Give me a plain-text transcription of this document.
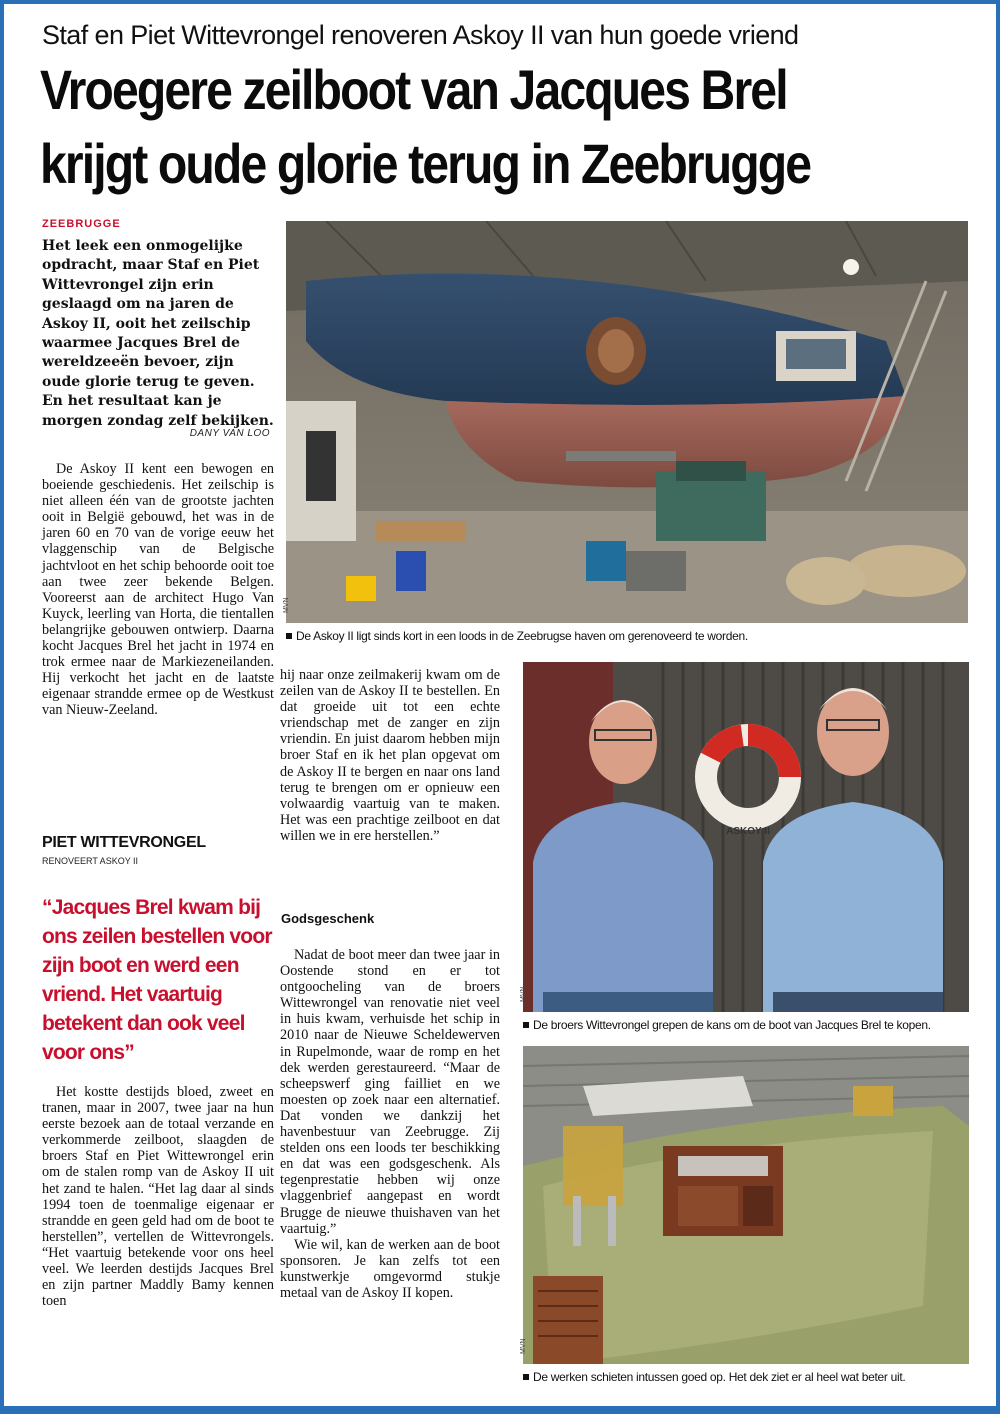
Staf en Piet Wittevrongel renoveren Askoy II van hun goede vriend
Vroegere zeilboot van Jacques Brel
krijgt oude glorie terug in Zeebrugge
ZEEBRUGGE

Het leek een onmogelijke opdracht, maar Staf en Piet Wittevrongel zijn erin geslaagd om na jaren de Askoy II, ooit het zeilschip waarmee Jacques Brel de wereldzeeën bevoer, zijn oude glorie terug te geven. En het resultaat kan je morgen zondag zelf bekijken.

DANY VAN LOO

De Askoy II kent een bewogen en boeiende geschiedenis. Het zeilschip is niet alleen één van de grootste jachten ooit in België gebouwd, het was in de jaren 60 en 70 van de vorige eeuw het vlaggenschip van de Belgische jachtvloot en het schip behoorde ooit toe aan twee zeer bekende Belgen. Vooreerst aan de architect Hugo Van Kuyck, leerling van Horta, die tientallen belangrijke gebouwen ontwierp. Daarna kocht Jacques Brel het jacht in 1974 en trok ermee naar de Markiezeneilanden. Hij verkocht het jacht en de laatste eigenaar strandde ermee op de Westkust van Nieuw-Zeeland.

PIET WITTEVRONGEL
RENOVEERT ASKOY II

“Jacques Brel kwam bij ons zeilen bestellen voor zijn boot en werd een vriend. Het vaartuig betekent dan ook veel voor ons”

Het kostte destijds bloed, zweet en tranen, maar in 2007, twee jaar na hun eerste bezoek aan de totaal verzande en verkommerde zeilboot, slaagden de broers Staf en Piet Wittewrongel erin om de stalen romp van de Askoy II uit het zand te halen. “Het lag daar al sinds 1994 toen de toenmalige eigenaar er strandde en geen geld had om de boot te herstellen”, vertellen de Wittevrongels. “Het vaartuig betekende voor ons heel veel. We leerden destijds Jacques Brel en zijn partner Maddly Bamy kennen toen

hij naar onze zeilmakerij kwam om de zeilen van de Askoy II te bestellen. En dat groeide uit tot een echte vriendschap met de zanger en zijn vriendin. En juist daarom hebben mijn broer Staf en ik het plan opgevat om de Askoy II te bergen en naar ons land terug te brengen om er opnieuw een volwaardig vaartuig van te maken. Het was een prachtige zeilboot en dat willen we in ere herstellen.”

Godsgeschenk

Nadat de boot meer dan twee jaar in Oostende stond en er tot ontgoocheling van de broers Wittewrongel van renovatie niet veel in huis kwam, verhuisde het schip in 2010 naar de Nieuwe Scheldewerven in Rupelmonde, waar de romp en het dek werden gerestaureerd. “Maar de scheepswerf ging failliet en we moesten op zoek naar een alternatief. Dat vonden we dankzij het havenbestuur van Zeebrugge. Zij stelden ons een loods ter beschikking en dat was een godsgeschenk. Als tegenprestatie hebben wij onze vlaggenbrief aangepast en wordt Brugge de nieuwe thuishaven van het vaartuig.”

Wie wil, kan de werken aan de boot sponsoren. Je kan zelfs tot een kunstwerkje omgevormd stukje metaal van de Askoy II kopen.

MVN
De Askoy II ligt sinds kort in een loods in de Zeebrugse haven om gerenoveerd te worden.
ASKOY II
MVN
De broers Wittevrongel grepen de kans om de boot van Jacques Brel te kopen.
MVN
De werken schieten intussen goed op. Het dek ziet er al heel wat beter uit.
